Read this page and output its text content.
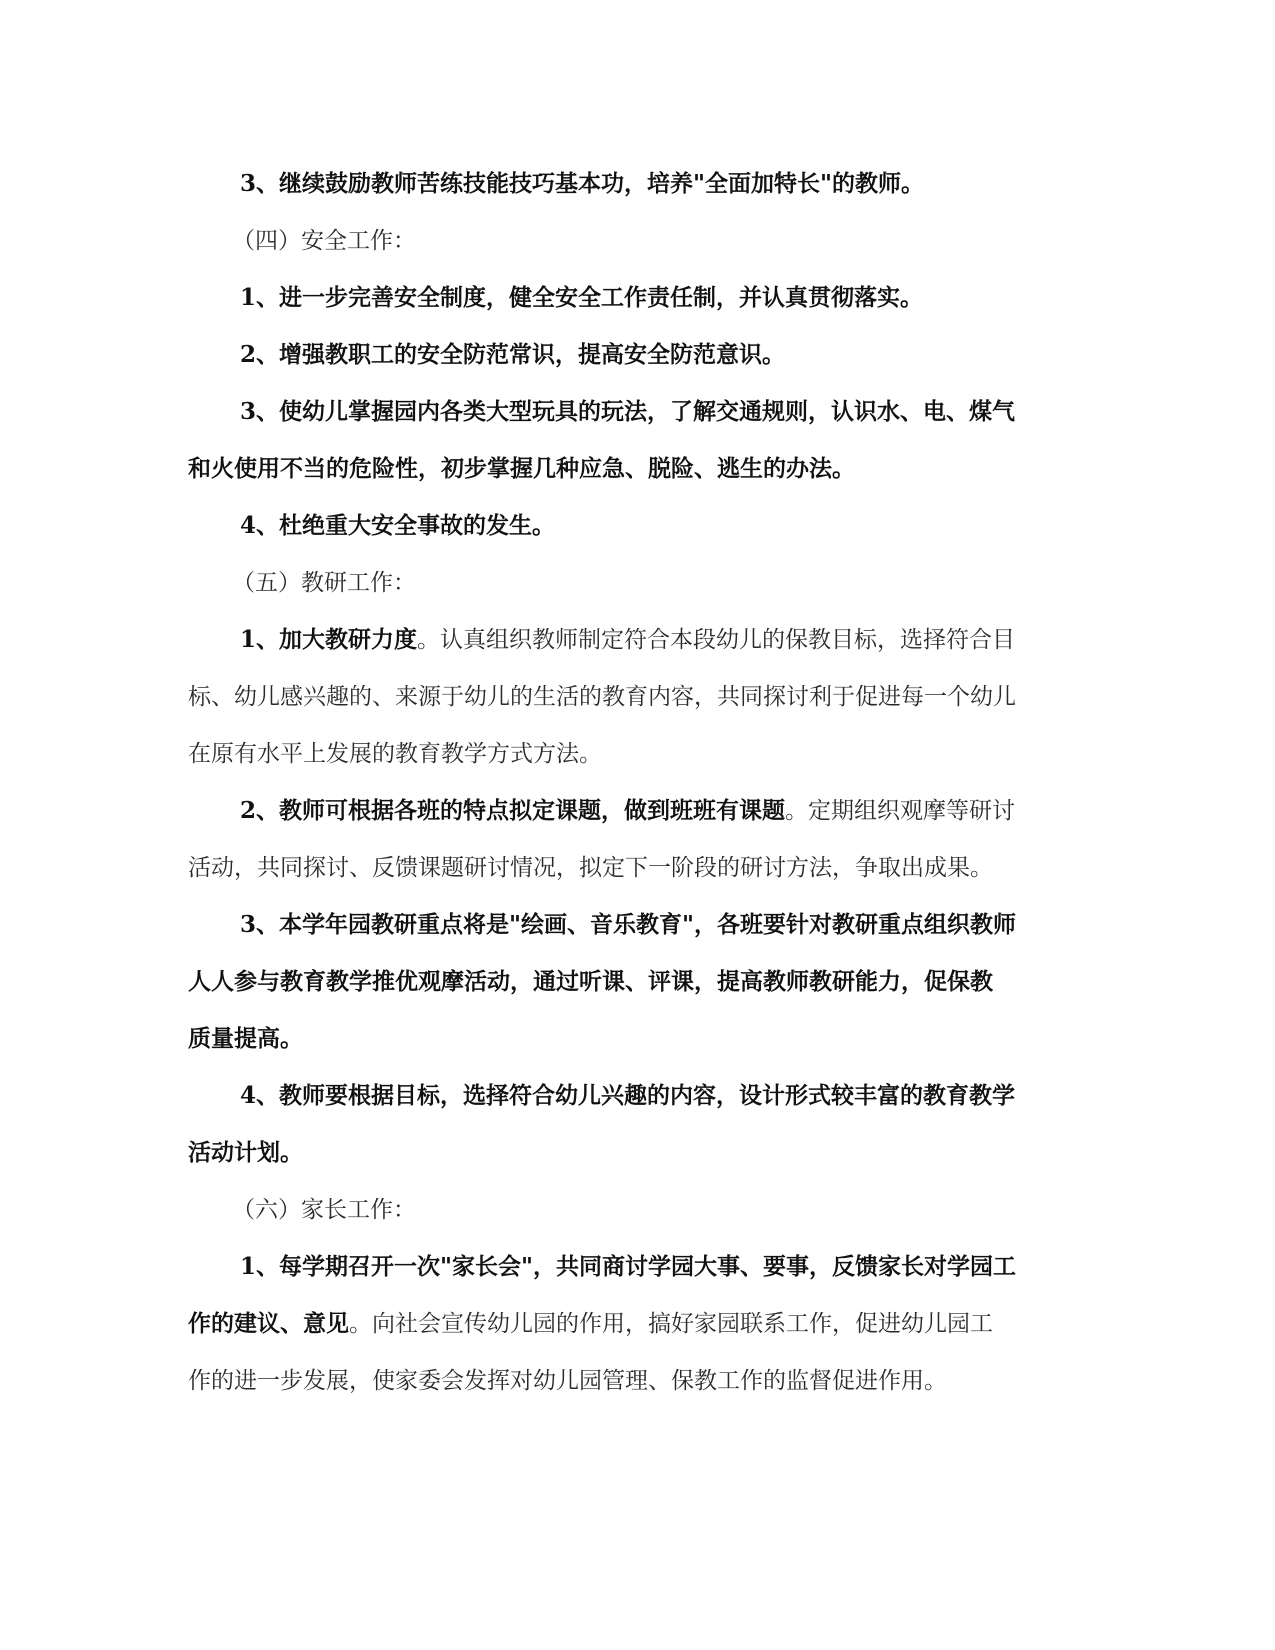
3、继续鼓励教师苦练技能技巧基本功，培养"全面加特长"的教师。
（四）安全工作：
1、进一步完善安全制度，健全安全工作责任制，并认真贯彻落实。
2、增强教职工的安全防范常识，提高安全防范意识。
3、使幼儿掌握园内各类大型玩具的玩法，了解交通规则，认识水、电、煤气
和火使用不当的危险性，初步掌握几种应急、脱险、逃生的办法。
4、杜绝重大安全事故的发生。
（五）教研工作：
1、加大教研力度。认真组织教师制定符合本段幼儿的保教目标，选择符合目
标、幼儿感兴趣的、来源于幼儿的生活的教育内容，共同探讨利于促进每一个幼儿
在原有水平上发展的教育教学方式方法。
2、教师可根据各班的特点拟定课题，做到班班有课题。定期组织观摩等研讨
活动，共同探讨、反馈课题研讨情况，拟定下一阶段的研讨方法，争取出成果。
3、本学年园教研重点将是"绘画、音乐教育"，各班要针对教研重点组织教师
人人参与教育教学推优观摩活动，通过听课、评课，提高教师教研能力，促保教
质量提高。
4、教师要根据目标，选择符合幼儿兴趣的内容，设计形式较丰富的教育教学
活动计划。
（六）家长工作：
1、每学期召开一次"家长会"，共同商讨学园大事、要事，反馈家长对学园工
作的建议、意见。向社会宣传幼儿园的作用，搞好家园联系工作，促进幼儿园工
作的进一步发展，使家委会发挥对幼儿园管理、保教工作的监督促进作用。
